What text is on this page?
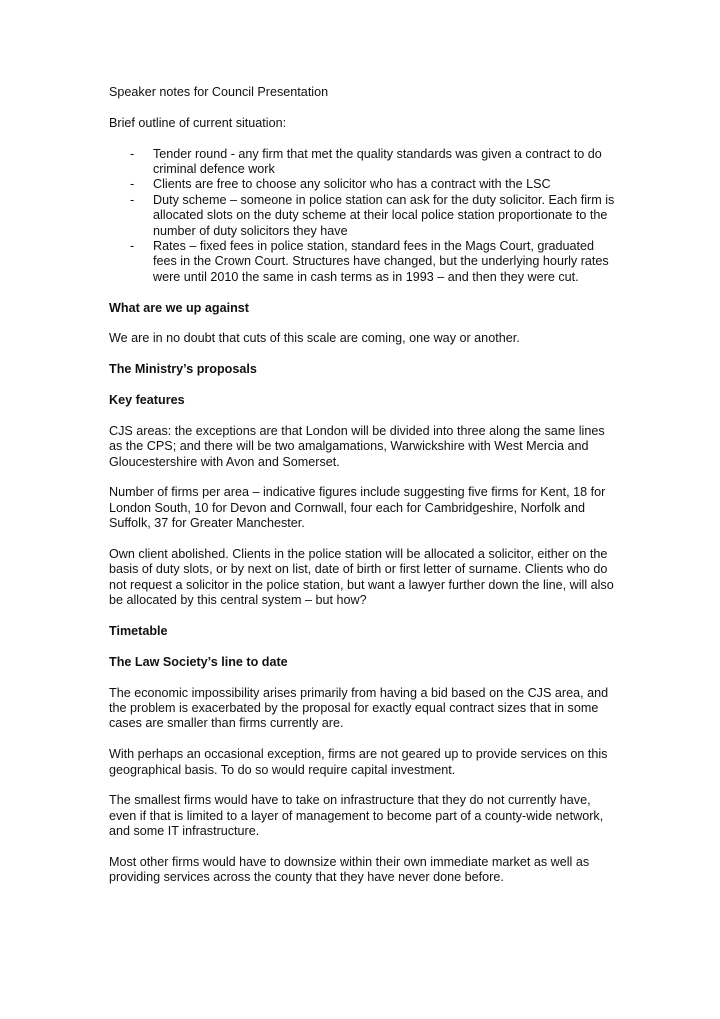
Speaker notes for Council Presentation

Brief outline of current situation:

- Tender round - any firm that met the quality standards was given a contract to do criminal defence work
- Clients are free to choose any solicitor who has a contract with the LSC
- Duty scheme – someone in police station can ask for the duty solicitor. Each firm is allocated slots on the duty scheme at their local police station proportionate to the number of duty solicitors they have
- Rates – fixed fees in police station, standard fees in the Mags Court, graduated fees in the Crown Court. Structures have changed, but the underlying hourly rates were until 2010 the same in cash terms as in 1993 – and then they were cut.

What are we up against

We are in no doubt that cuts of this scale are coming, one way or another.

The Ministry’s proposals

Key features

CJS areas: the exceptions are that London will be divided into three along the same lines as the CPS; and there will be two amalgamations, Warwickshire with West Mercia and Gloucestershire with Avon and Somerset.

Number of firms per area – indicative figures include suggesting five firms for Kent, 18 for London South, 10 for Devon and Cornwall, four each for Cambridgeshire, Norfolk and Suffolk, 37 for Greater Manchester.

Own client abolished. Clients in the police station will be allocated a solicitor, either on the basis of duty slots, or by next on list, date of birth or first letter of surname. Clients who do not request a solicitor in the police station, but want a lawyer further down the line, will also be allocated by this central system – but how?

Timetable

The Law Society’s line to date

The economic impossibility arises primarily from having a bid based on the CJS area, and the problem is exacerbated by the proposal for exactly equal contract sizes that in some cases are smaller than firms currently are.

With perhaps an occasional exception, firms are not geared up to provide services on this geographical basis. To do so would require capital investment.

The smallest firms would have to take on infrastructure that they do not currently have, even if that is limited to a layer of management to become part of a county-wide network, and some IT infrastructure.

Most other firms would have to downsize within their own immediate market as well as providing services across the county that they have never done before.
